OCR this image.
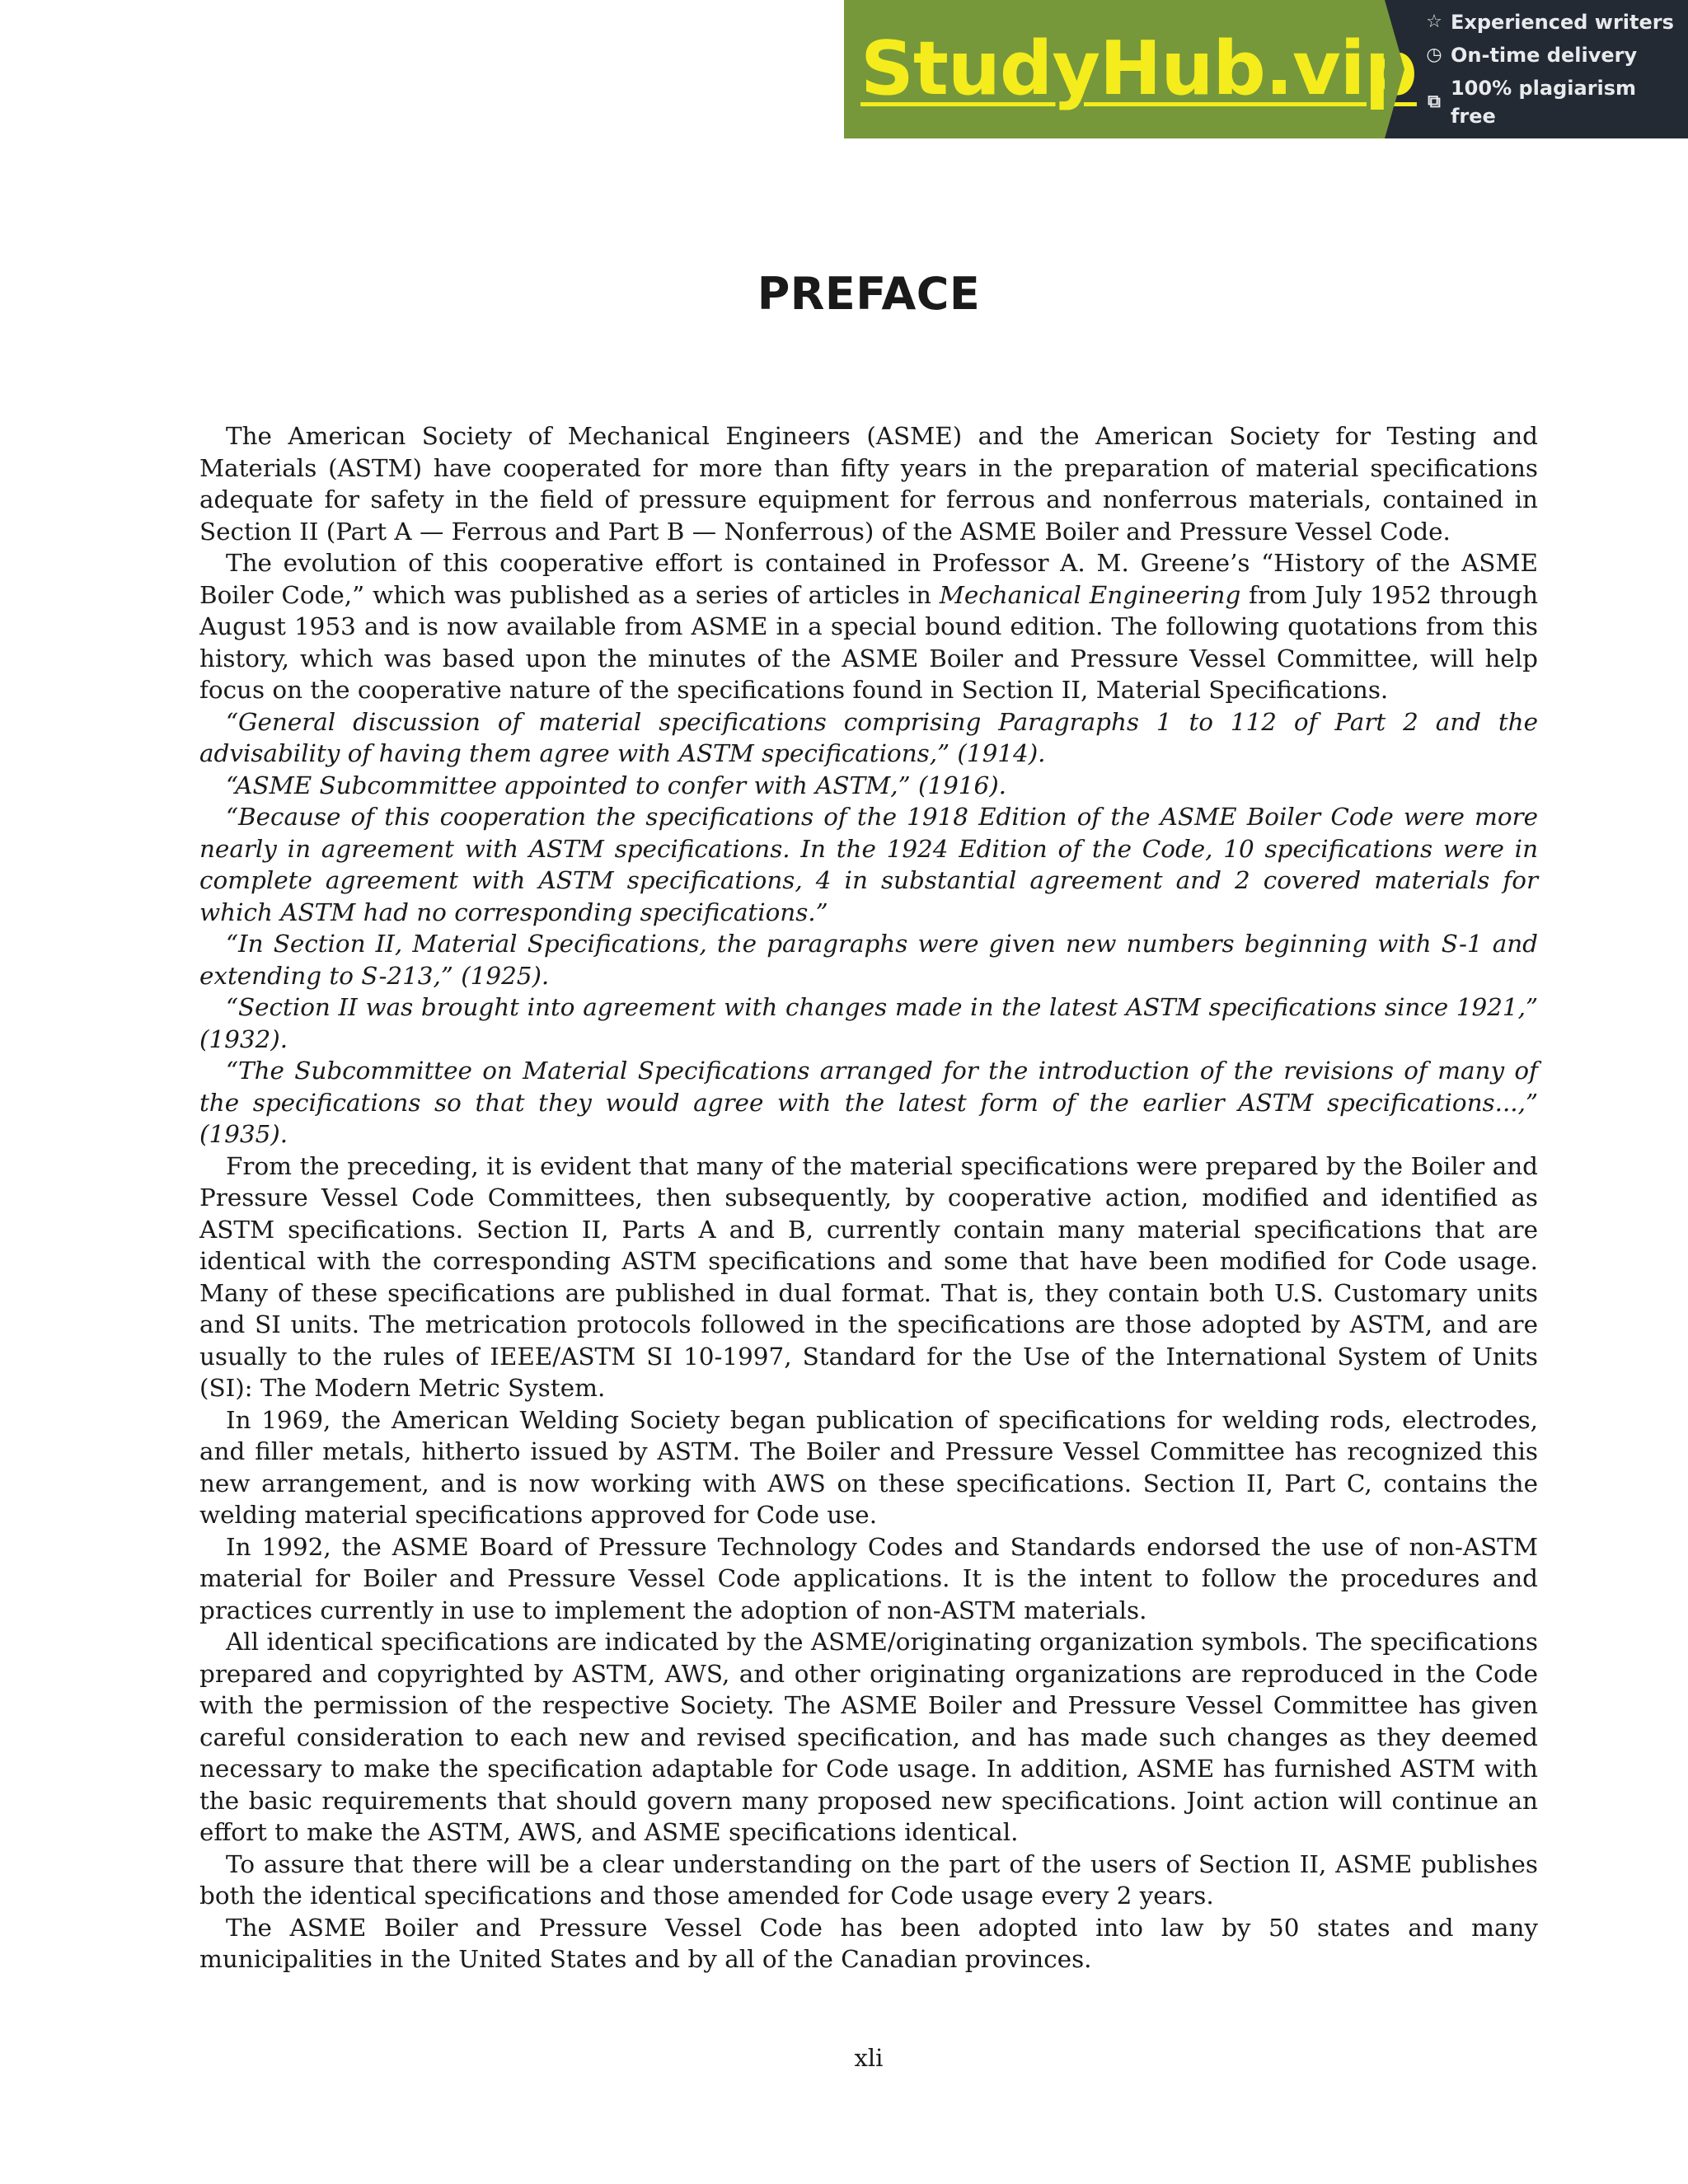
StudyHub.vip
☆ Experienced writers
◷ On-time delivery
⧉
100% plagiarism free
PREFACE

The American Society of Mechanical Engineers (ASME) and the American Society for Testing and Materials (ASTM) have cooperated for more than fifty years in the preparation of material specifications adequate for safety in the field of pressure equipment for ferrous and nonferrous materials, contained in Section II (Part A — Ferrous and Part B — Nonferrous) of the ASME Boiler and Pressure Vessel Code.

The evolution of this cooperative effort is contained in Professor A. M. Greene’s “History of the ASME Boiler Code,” which was published as a series of articles in Mechanical Engineering from July 1952 through August 1953 and is now available from ASME in a special bound edition. The following quotations from this history, which was based upon the minutes of the ASME Boiler and Pressure Vessel Committee, will help focus on the cooperative nature of the specifications found in Section II, Material Specifications.

“General discussion of material specifications comprising Paragraphs 1 to 112 of Part 2 and the advisability of having them agree with ASTM specifications,” (1914).

“ASME Subcommittee appointed to confer with ASTM,” (1916).

“Because of this cooperation the specifications of the 1918 Edition of the ASME Boiler Code were more nearly in agreement with ASTM specifications. In the 1924 Edition of the Code, 10 specifications were in complete agreement with ASTM specifications, 4 in substantial agreement and 2 covered materials for which ASTM had no corresponding specifications.”

“In Section II, Material Specifications, the paragraphs were given new numbers beginning with S-1 and extending to S-213,” (1925).

“Section II was brought into agreement with changes made in the latest ASTM specifications since 1921,” (1932).

“The Subcommittee on Material Specifications arranged for the introduction of the revisions of many of the specifications so that they would agree with the latest form of the earlier ASTM specifications...,” (1935).

From the preceding, it is evident that many of the material specifications were prepared by the Boiler and Pressure Vessel Code Committees, then subsequently, by cooperative action, modified and identified as ASTM specifications. Section II, Parts A and B, currently contain many material specifications that are identical with the corresponding ASTM specifications and some that have been modified for Code usage. Many of these specifications are published in dual format. That is, they contain both U.S. Customary units and SI units. The metrication protocols followed in the specifications are those adopted by ASTM, and are usually to the rules of IEEE/ASTM SI 10-1997, Standard for the Use of the International System of Units (SI): The Modern Metric System.

In 1969, the American Welding Society began publication of specifications for welding rods, electrodes, and filler metals, hitherto issued by ASTM. The Boiler and Pressure Vessel Committee has recognized this new arrangement, and is now working with AWS on these specifications. Section II, Part C, contains the welding material specifications approved for Code use.

In 1992, the ASME Board of Pressure Technology Codes and Standards endorsed the use of non-ASTM material for Boiler and Pressure Vessel Code applications. It is the intent to follow the procedures and practices currently in use to implement the adoption of non-ASTM materials.

All identical specifications are indicated by the ASME/originating organization symbols. The specifications prepared and copyrighted by ASTM, AWS, and other originating organizations are reproduced in the Code with the permission of the respective Society. The ASME Boiler and Pressure Vessel Committee has given careful consideration to each new and revised specification, and has made such changes as they deemed necessary to make the specification adaptable for Code usage. In addition, ASME has furnished ASTM with the basic requirements that should govern many proposed new specifications. Joint action will continue an effort to make the ASTM, AWS, and ASME specifications identical.

To assure that there will be a clear understanding on the part of the users of Section II, ASME publishes both the identical specifications and those amended for Code usage every 2 years.

The ASME Boiler and Pressure Vessel Code has been adopted into law by 50 states and many municipalities in the United States and by all of the Canadian provinces.

xli
